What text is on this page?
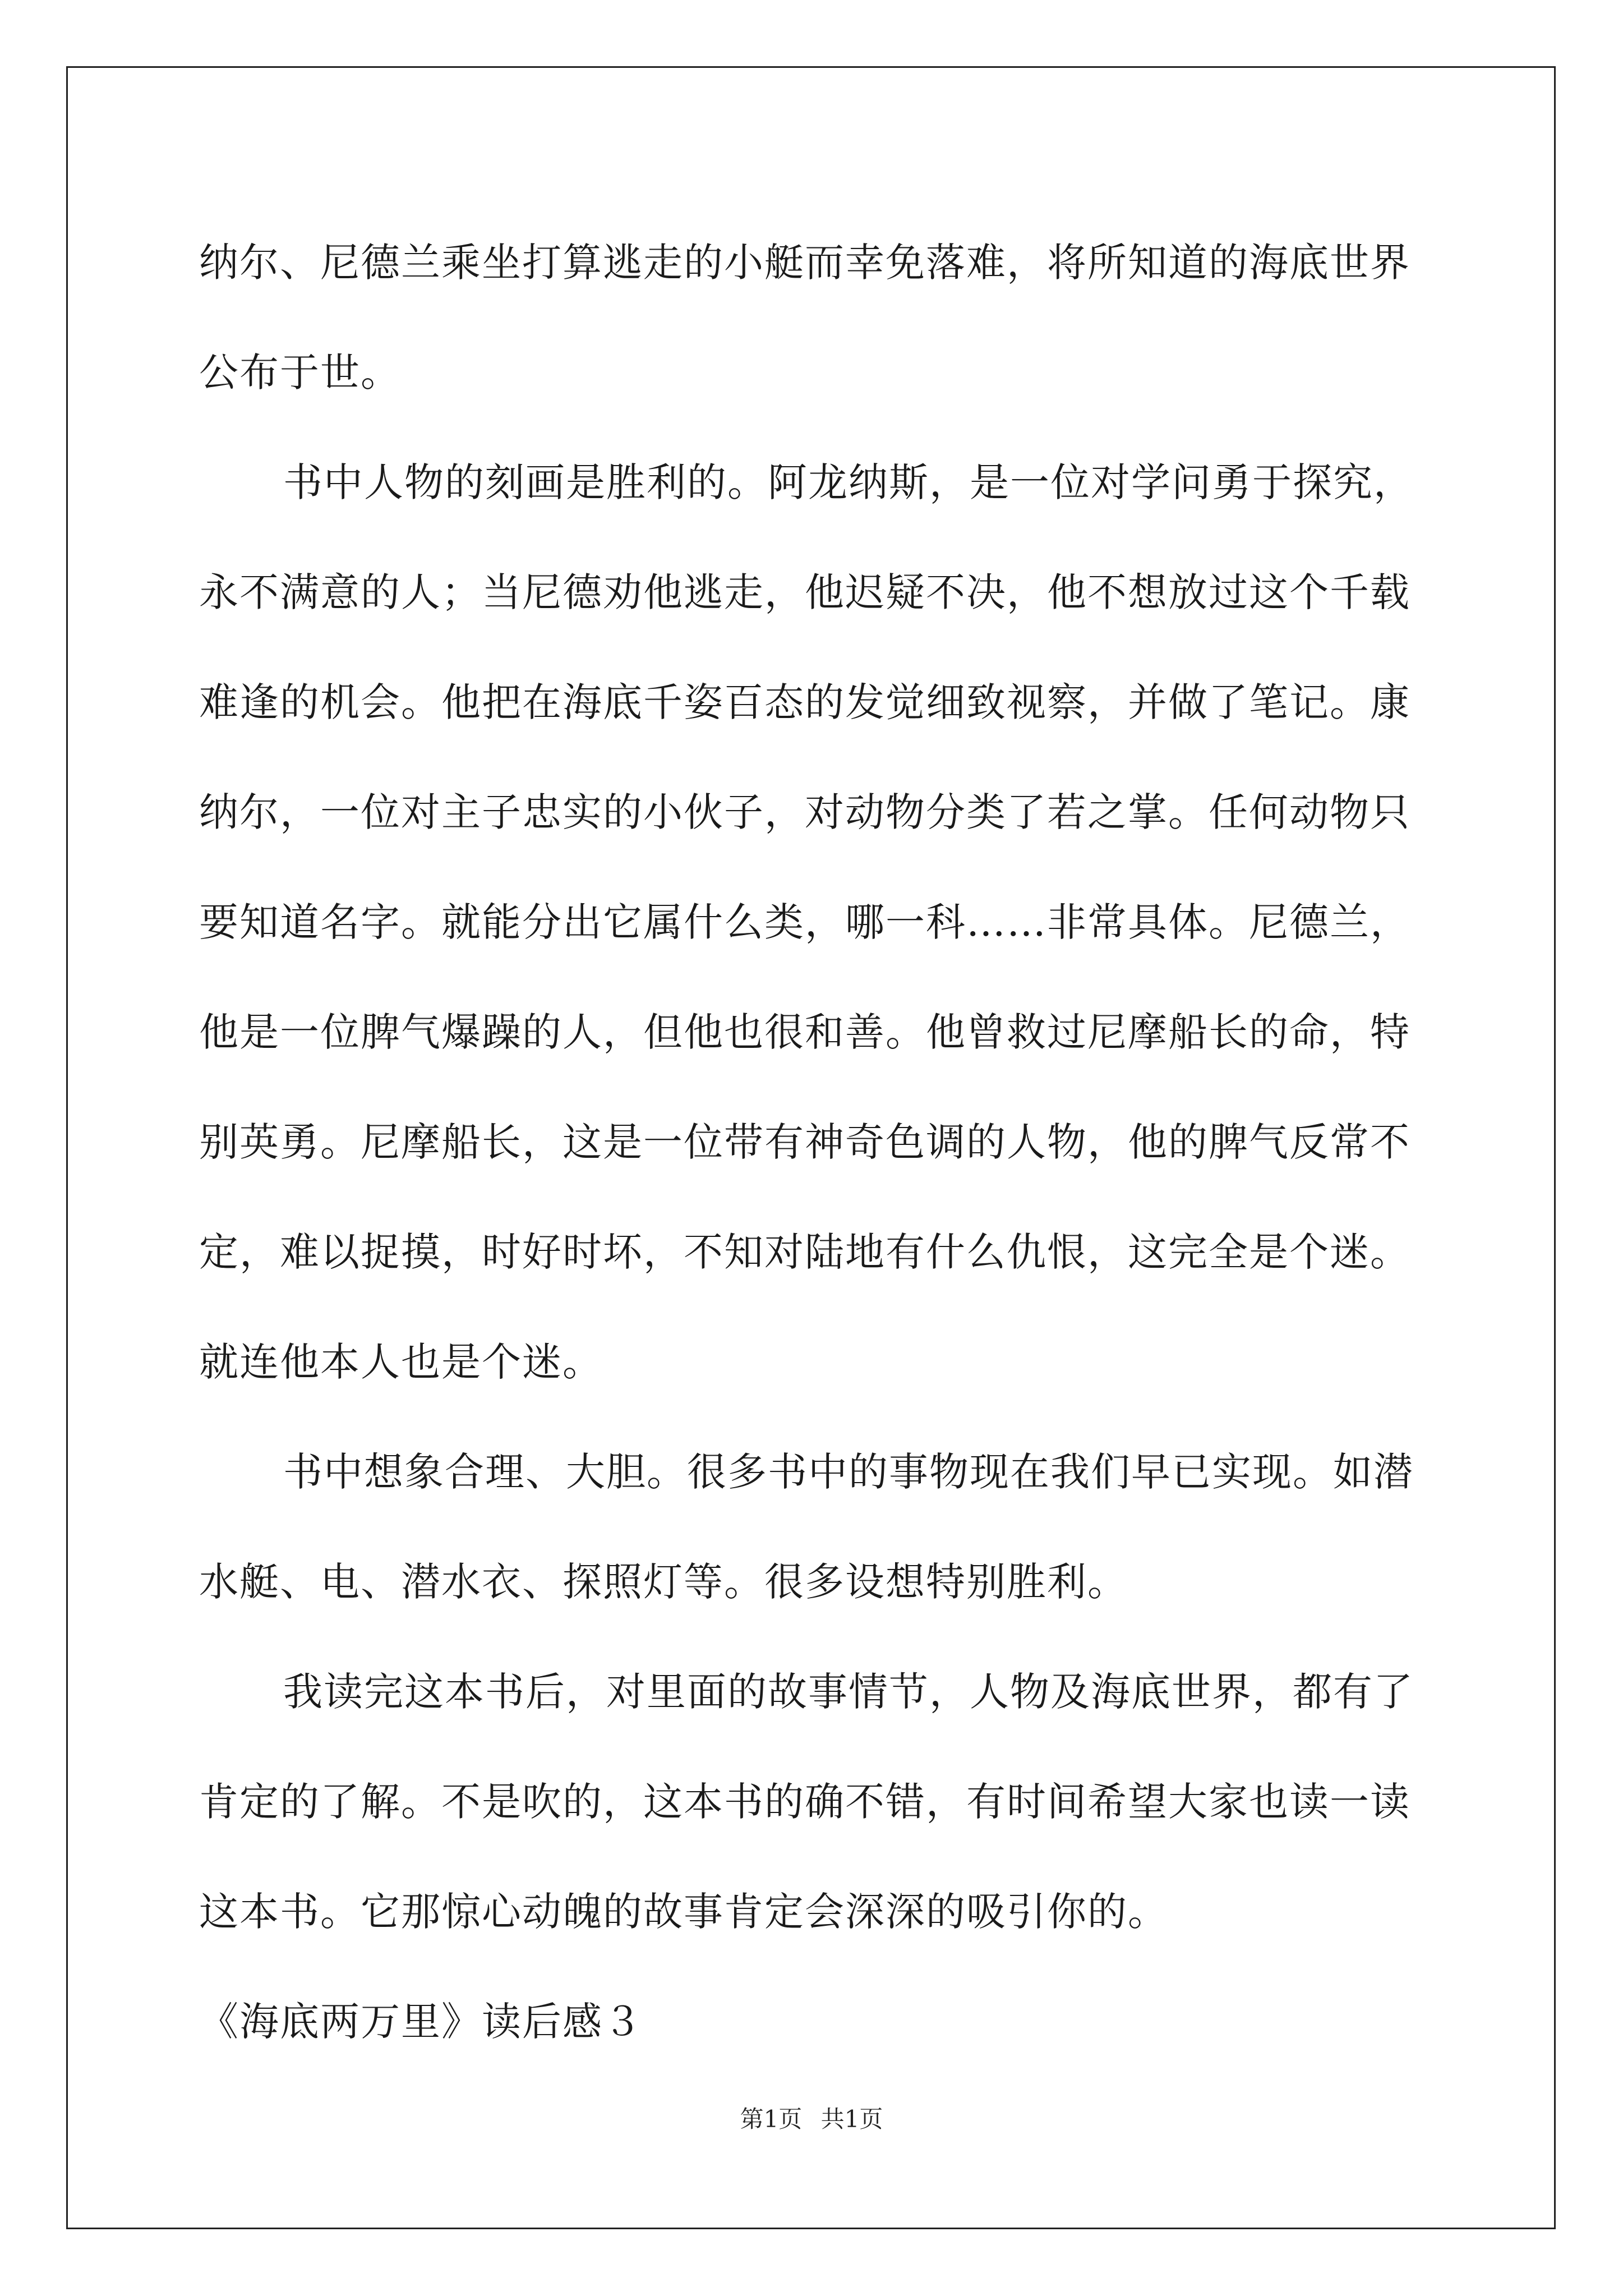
纳尔、尼德兰乘坐打算逃走的小艇而幸免落难，将所知道的海底世界
公布于世。
书中人物的刻画是胜利的。阿龙纳斯，是一位对学问勇于探究，
永不满意的人；当尼德劝他逃走，他迟疑不决，他不想放过这个千载
难逢的机会。他把在海底千姿百态的发觉细致视察，并做了笔记。康
纳尔，一位对主子忠实的小伙子，对动物分类了若之掌。任何动物只
要知道名字。就能分出它属什么类，哪一科……非常具体。尼德兰，
他是一位脾气爆躁的人，但他也很和善。他曾救过尼摩船长的命，特
别英勇。尼摩船长，这是一位带有神奇色调的人物，他的脾气反常不
定，难以捉摸，时好时坏，不知对陆地有什么仇恨，这完全是个迷。
就连他本人也是个迷。
书中想象合理、大胆。很多书中的事物现在我们早已实现。如潜
水艇、电、潜水衣、探照灯等。很多设想特别胜利。
我读完这本书后，对里面的故事情节，人物及海底世界，都有了
肯定的了解。不是吹的，这本书的确不错，有时间希望大家也读一读
这本书。它那惊心动魄的故事肯定会深深的吸引你的。
《海底两万里》读后感３
第1页 共1页
